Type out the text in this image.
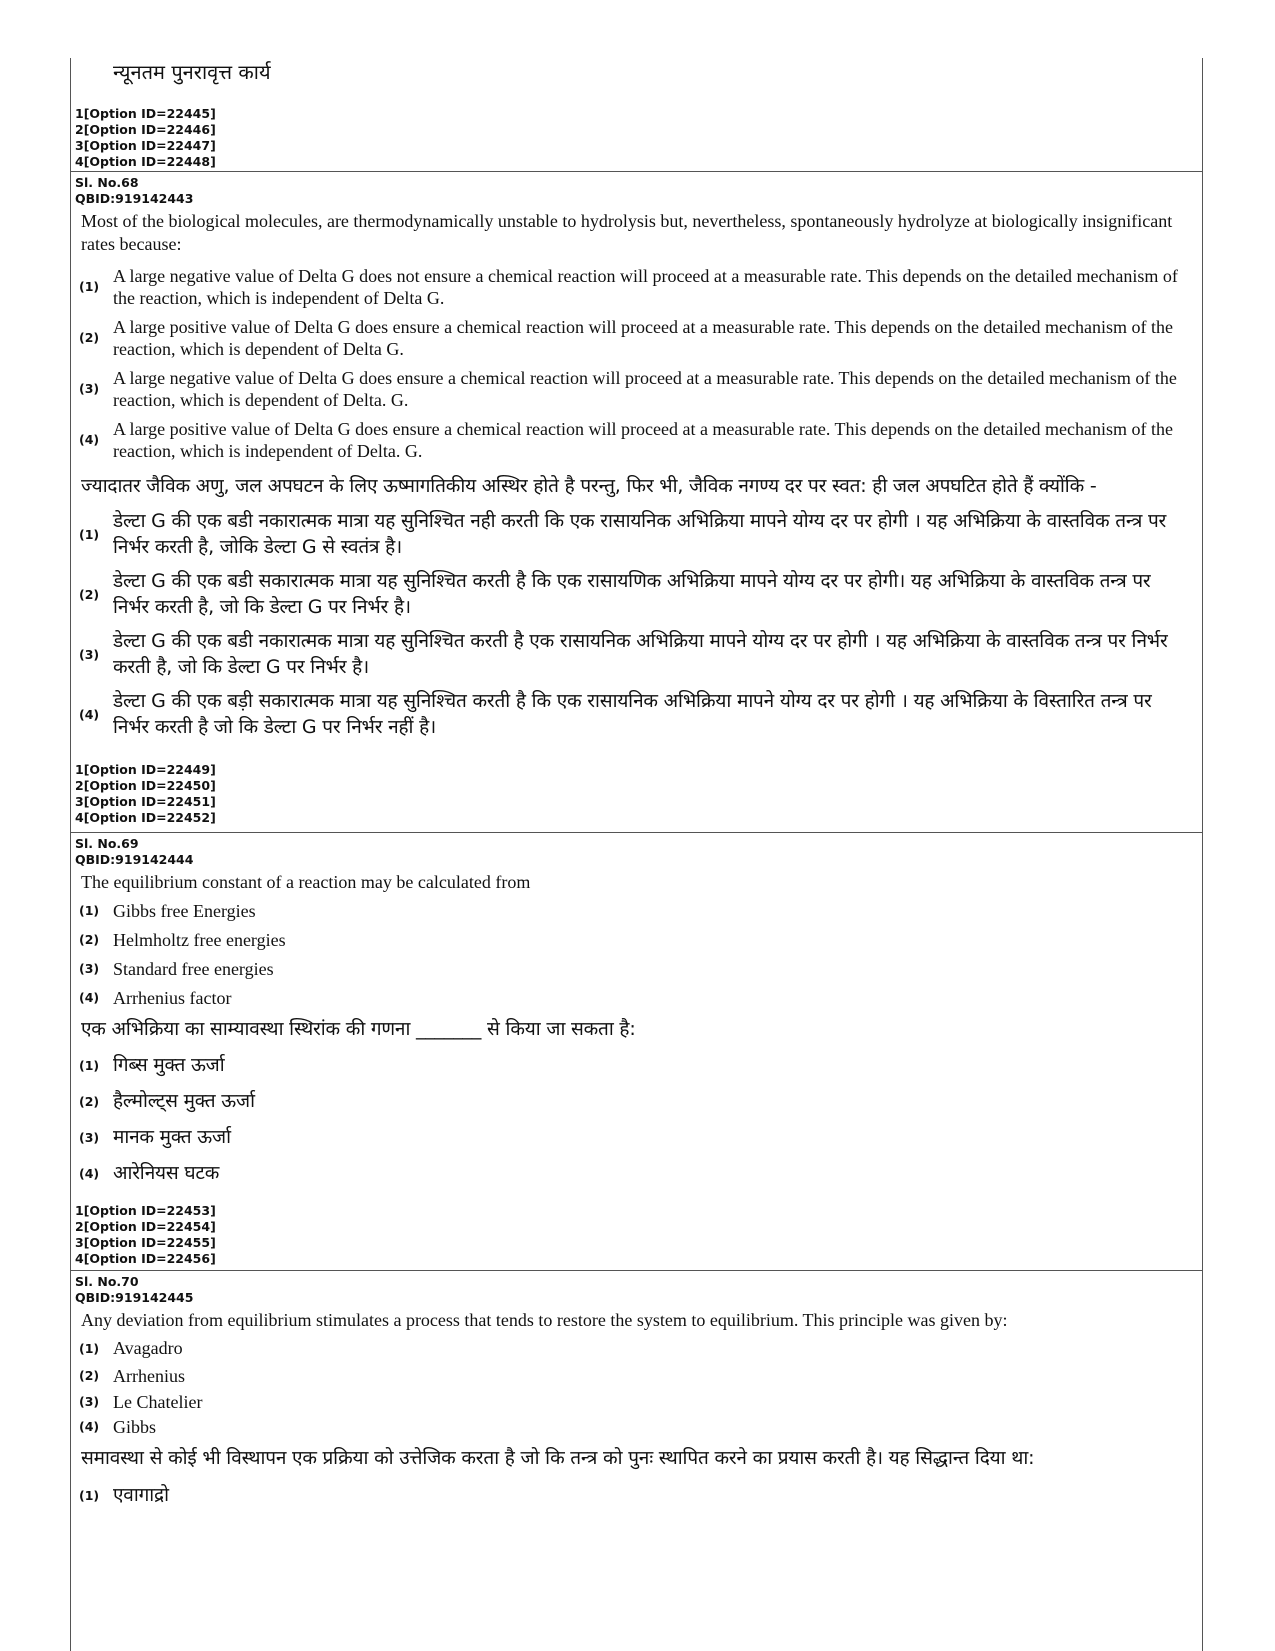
न्यूनतम पुनरावृत्त कार्य
1[Option ID=22445]
2[Option ID=22446]
3[Option ID=22447]
4[Option ID=22448]
Sl. No.68
QBID:919142443
Most of the biological molecules, are thermodynamically unstable to hydrolysis but, nevertheless, spontaneously hydrolyze at biologically insignificant rates because:
(1)
A large negative value of Delta G does not ensure a chemical reaction will proceed at a measurable rate. This depends on the detailed mechanism of the reaction, which is independent of Delta G.
(2)
A large positive value of Delta G does ensure a chemical reaction will proceed at a measurable rate. This depends on the detailed mechanism of the reaction, which is dependent of Delta G.
(3)
A large negative value of Delta G does ensure a chemical reaction will proceed at a measurable rate. This depends on the detailed mechanism of the reaction, which is dependent of Delta. G.
(4)
A large positive value of Delta G does ensure a chemical reaction will proceed at a measurable rate. This depends on the detailed mechanism of the reaction, which is independent of Delta. G.
ज्यादातर जैविक अणु, जल अपघटन के लिए ऊष्मागतिकीय अस्थिर होते है परन्तु, फिर भी, जैविक नगण्य दर पर स्वत: ही जल अपघटित होते हैं क्योंकि -
(1)
डेल्टा G की एक बडी नकारात्मक मात्रा यह सुनिश्चित नही करती कि एक रासायनिक अभिक्रिया मापने योग्य दर पर होगी । यह अभिक्रिया के वास्तविक तन्त्र पर निर्भर करती है, जोकि डेल्टा G से स्वतंत्र है।
(2)
डेल्टा G की एक बडी सकारात्मक मात्रा यह सुनिश्चित करती है कि एक रासायणिक अभिक्रिया मापने योग्य दर पर होगी। यह अभिक्रिया के वास्तविक तन्त्र पर निर्भर करती है, जो कि डेल्टा G पर निर्भर है।
(3)
डेल्टा G की एक बडी नकारात्मक मात्रा यह सुनिश्चित करती है एक रासायनिक अभिक्रिया मापने योग्य दर पर होगी । यह अभिक्रिया के वास्तविक तन्त्र पर निर्भर करती है, जो कि डेल्टा G पर निर्भर है।
(4)
डेल्टा G की एक बड़ी सकारात्मक मात्रा यह सुनिश्चित करती है कि एक रासायनिक अभिक्रिया मापने योग्य दर पर होगी । यह अभिक्रिया के विस्तारित तन्त्र पर निर्भर करती है जो कि डेल्टा G पर निर्भर नहीं है।
1[Option ID=22449]
2[Option ID=22450]
3[Option ID=22451]
4[Option ID=22452]
Sl. No.69
QBID:919142444
The equilibrium constant of a reaction may be calculated from
(1) Gibbs free Energies
(2) Helmholtz free energies
(3) Standard free energies
(4) Arrhenius factor
एक अभिक्रिया का साम्यावस्था स्थिरांक की गणना _______ से किया जा सकता है:
(1) गिब्स मुक्त ऊर्जा
(2) हैल्मोल्ट्स मुक्त ऊर्जा
(3) मानक मुक्त ऊर्जा
(4) आरेनियस घटक
1[Option ID=22453]
2[Option ID=22454]
3[Option ID=22455]
4[Option ID=22456]
Sl. No.70
QBID:919142445
Any deviation from equilibrium stimulates a process that tends to restore the system to equilibrium. This principle was given by:
(1) Avagadro
(2) Arrhenius
(3) Le Chatelier
(4) Gibbs
समावस्था से कोई भी विस्थापन एक प्रक्रिया को उत्तेजिक करता है जो कि तन्त्र को पुनः स्थापित करने का प्रयास करती है। यह सिद्धान्त दिया था:
(1) एवागाद्रो
